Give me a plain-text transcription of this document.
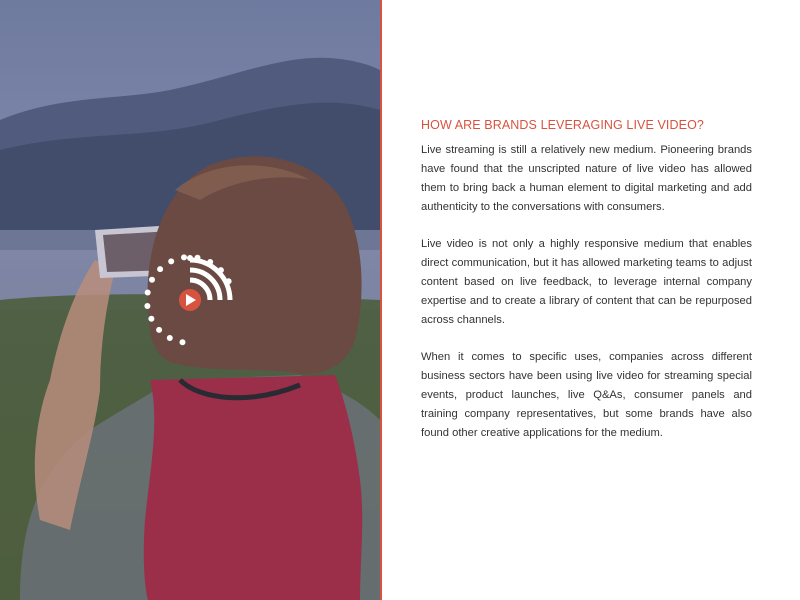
HOW ARE BRANDS LEVERAGING LIVE VIDEO?

Live streaming is still a relatively new medium. Pioneering brands have found that the unscripted nature of live video has allowed them to bring back a human element to digital marketing and add authenticity to the conversations with consumers.

Live video is not only a highly responsive medium that enables direct communication, but it has allowed marketing teams to adjust content based on live feedback, to leverage internal company expertise and to create a library of content that can be repurposed across channels.

When it comes to specific uses, companies across different business sectors have been using live video for streaming special events, product launches, live Q&As, consumer panels and training company representatives, but some brands have also found other creative applications for the medium.
